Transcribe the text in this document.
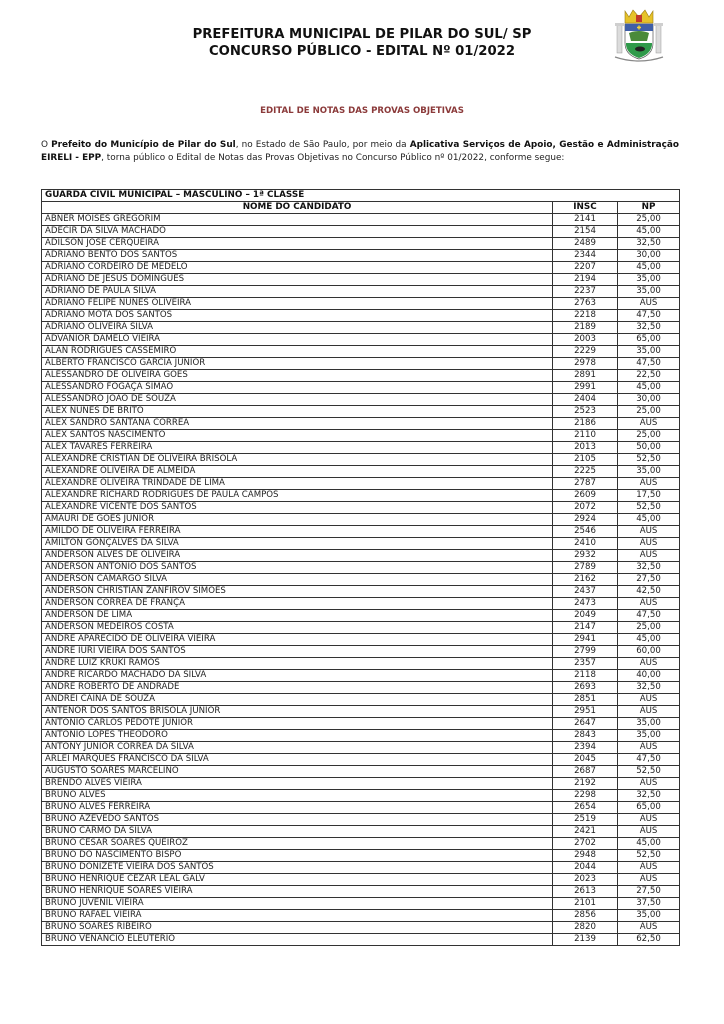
PREFEITURA MUNICIPAL DE PILAR DO SUL/ SP
CONCURSO PÚBLICO - EDITAL Nº 01/2022
EDITAL DE NOTAS DAS PROVAS OBJETIVAS
O Prefeito do Município de Pilar do Sul, no Estado de São Paulo, por meio da Aplicativa Serviços de Apoio, Gestão e Administração EIRELI - EPP, torna público o Edital de Notas das Provas Objetivas no Concurso Público nº 01/2022, conforme segue:
GUARDA CIVIL MUNICIPAL – MASCULINO – 1ª CLASSE		
NOME DO CANDIDATO	INSC	NP
ABNER MOISES GREGORIM	2141	25,00
ADECIR DA SILVA MACHADO	2154	45,00
ADILSON JOSÉ CERQUEIRA	2489	32,50
ADRIANO BENTO DOS SANTOS	2344	30,00
ADRIANO CORDEIRO DE MEDELO	2207	45,00
ADRIANO DE JESUS DOMINGUES	2194	35,00
ADRIANO DE PAULA SILVA	2237	35,00
ADRIANO FELIPE NUNES OLIVEIRA	2763	AUS
ADRIANO MOTA DOS SANTOS	2218	47,50
ADRIANO OLIVEIRA SILVA	2189	32,50
ADVANIOR DAMELO VIEIRA	2003	65,00
ALAN RODRIGUES CASSEMIRO	2229	35,00
ALBERTO FRANCISCO GARCIA JUNIOR	2978	47,50
ALESSANDRO DE OLIVEIRA GÓES	2891	22,50
ALESSANDRO FOGAÇA SIMÃO	2991	45,00
ALESSANDRO JOÃO DE SOUZA	2404	30,00
ALEX NUNES DE BRITO	2523	25,00
ALEX SANDRO SANTANA CORREA	2186	AUS
ALEX SANTOS NASCIMENTO	2110	25,00
ALEX TAVARES FERREIRA	2013	50,00
ALEXANDRE CRISTIAN DE OLIVEIRA BRISOLA	2105	52,50
ALEXANDRE OLIVEIRA DE ALMEIDA	2225	35,00
ALEXANDRE OLIVEIRA TRINDADE DE LIMA	2787	AUS
ALEXANDRE RICHARD RODRIGUES DE PAULA CAMPOS	2609	17,50
ALEXANDRE VICENTE DOS SANTOS	2072	52,50
AMAURI DE GÓES JUNIOR	2924	45,00
AMILDO DE OLIVEIRA FERREIRA	2546	AUS
AMILTON GONÇALVES DA SILVA	2410	AUS
ANDERSON ALVES DE OLIVEIRA	2932	AUS
ANDERSON ANTONIO DOS SANTOS	2789	32,50
ANDERSON CAMARGO SILVA	2162	27,50
ANDERSON CHRISTIAN ZANFIROV SIMÕES	2437	42,50
ANDERSON CORREA DE FRANÇA	2473	AUS
ANDERSON DE LIMA	2049	47,50
ANDERSON MEDEIROS COSTA	2147	25,00
ANDRE APARECIDO DE OLIVEIRA VIEIRA	2941	45,00
ANDRÉ IURI VIEIRA DOS SANTOS	2799	60,00
ANDRÉ LUIZ KRUKI RAMOS	2357	AUS
ANDRÉ RICARDO MACHADO DA SILVA	2118	40,00
ANDRE ROBERTO DE ANDRADE	2693	32,50
ANDREI CAINA DE SOUZA	2851	AUS
ANTENOR DOS SANTOS BRISOLA JUNIOR	2951	AUS
ANTONIO CARLOS PEDOTE JUNIOR	2647	35,00
ANTONIO LOPES THEODORO	2843	35,00
ANTONY JUNIOR CORREA DA SILVA	2394	AUS
ARLEI MARQUES FRANCISCO DA SILVA	2045	47,50
AUGUSTO SOARES MARCELINO	2687	52,50
BRENDO ALVES VIEIRA	2192	AUS
BRUNO ALVES	2298	32,50
BRUNO ALVES FERREIRA	2654	65,00
BRUNO AZEVEDO SANTOS	2519	AUS
BRUNO CARMO DA SILVA	2421	AUS
BRUNO CÉSAR SOARES QUEIROZ	2702	45,00
BRUNO DO NASCIMENTO BISPO	2948	52,50
BRUNO DONIZETE VIEIRA DOS SANTOS	2044	AUS
BRUNO HENRIQUE CEZAR LEAL GALV	2023	AUS
BRUNO HENRIQUE SOARES VIEIRA	2613	27,50
BRUNO JUVENIL VIEIRA	2101	37,50
BRUNO RAFAEL VIEIRA	2856	35,00
BRUNO SOARES RIBEIRO	2820	AUS
BRUNO VENÂNCIO ELEUTÉRIO	2139	62,50
